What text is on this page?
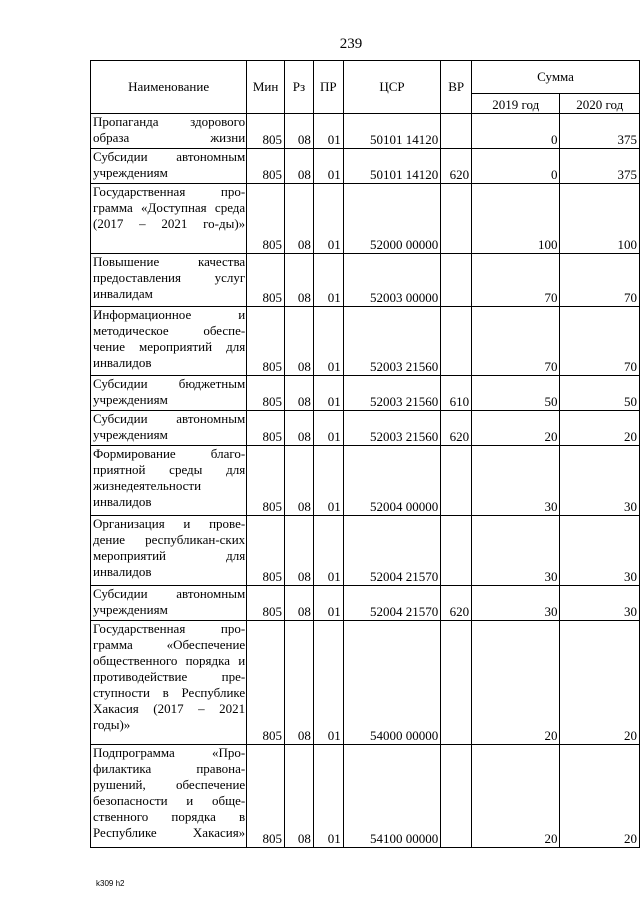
239
Наименование	Мин	Рз	ПР	ЦСР	ВР	Сумма	
						2019 год	2020 год
Пропаганда здорового образа жизни	805	08	01	50101 14120		0	375
Субсидии автономным учреждениям	805	08	01	50101 14120	620	0	375
Государственная про-грамма «Доступная среда (2017 – 2021 го-ды)»	805	08	01	52000 00000		100	100
Повышение качества предоставления услуг инвалидам	805	08	01	52003 00000		70	70
Информационное и методическое обеспе-чение мероприятий для инвалидов	805	08	01	52003 21560		70	70
Субсидии бюджетным учреждениям	805	08	01	52003 21560	610	50	50
Субсидии автономным учреждениям	805	08	01	52003 21560	620	20	20
Формирование благо-приятной среды для жизнедеятельности инвалидов	805	08	01	52004 00000		30	30
Организация и прове-дение республикан-ских мероприятий для инвалидов	805	08	01	52004 21570		30	30
Субсидии автономным учреждениям	805	08	01	52004 21570	620	30	30
Государственная про-грамма «Обеспечение общественного порядка и противодействие пре-ступности в Республике Хакасия (2017 – 2021 годы)»	805	08	01	54000 00000		20	20
Подпрограмма «Про-филактика правона-рушений, обеспечение безопасности и обще-ственного порядка в Республике Хакасия»	805	08	01	54100 00000		20	20
k309 h2
